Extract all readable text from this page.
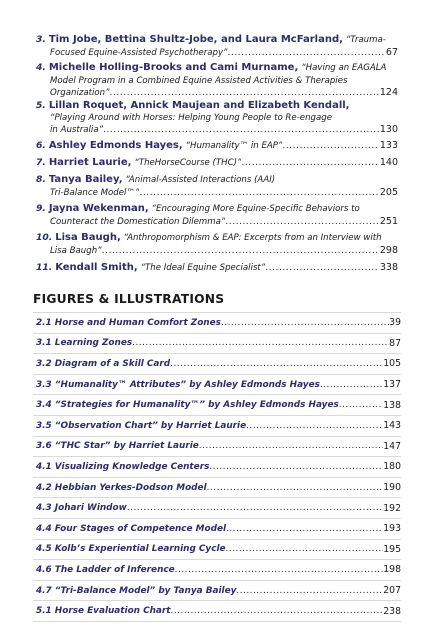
3. Tim Jobe, Bettina Shultz-Jobe, and Laura McFarland, “Trauma-
Focused Equine-Assisted Psychotherapy” .....	67
4. Michelle Holling-Brooks and Cami Murname, “Having an EAGALA
Model Program in a Combined Equine Assisted Activities & Therapies
Organization” .....	124
5. Lillan Roquet, Annick Maujean and Elizabeth Kendall,
“Playing Around with Horses: Helping Young People to Re-engage
in Australia” .....	130
6. Ashley Edmonds Hayes, “Humanality™ in EAP” .....	133
7. Harriet Laurie, “TheHorseCourse (THC)” .....	140
8. Tanya Bailey, “Animal-Assisted Interactions (AAI)
Tri-Balance Model™” .....	205
9. Jayna Wekenman, “Encouraging More Equine-Specific Behaviors to
Counteract the Domestication Dilemma” .....	251
10. Lisa Baugh, “Anthropomorphism & EAP: Excerpts from an Interview with
Lisa Baugh” .....	298
11. Kendall Smith, “The Ideal Equine Specialist” .....	338
FIGURES & ILLUSTRATIONS
2.1 Horse and Human Comfort Zones .....	39
3.1 Learning Zones .....	87
3.2 Diagram of a Skill Card .....	105
3.3 “Humanality™ Attributes” by Ashley Edmonds Hayes .....	137
3.4 “Strategies for Humanality™” by Ashley Edmonds Hayes .....	138
3.5 “Observation Chart” by Harriet Laurie .....	143
3.6 “THC Star” by Harriet Laurie .....	147
4.1 Visualizing Knowledge Centers .....	180
4.2 Hebbian Yerkes-Dodson Model .....	190
4.3 Johari Window .....	192
4.4 Four Stages of Competence Model .....	193
4.5 Kolb’s Experiential Learning Cycle .....	195
4.6 The Ladder of Inference .....	198
4.7 “Tri-Balance Model” by Tanya Bailey .....	207
5.1 Horse Evaluation Chart .....	238
